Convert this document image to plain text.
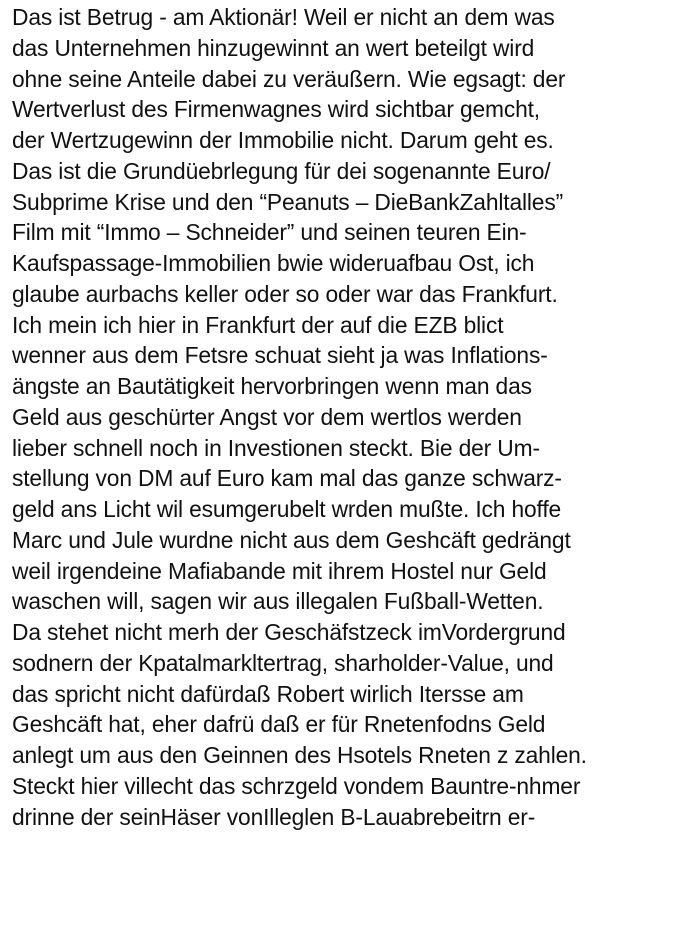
Das ist Betrug - am Aktionär! Weil er nicht an dem was
das Unternehmen hinzugewinnt an wert beteilgt wird
ohne seine Anteile dabei zu veräußern. Wie egsagt: der
Wertverlust des Firmenwagnes wird sichtbar gemcht,
der Wertzugewinn der Immobilie nicht. Darum geht es.
Das ist die Grundüebrlegung für dei sogenannte Euro/
Subprime Krise und den “Peanuts – DieBankZahltalles”
Film mit “Immo – Schneider” und seinen teuren Ein-
Kaufspassage-Immobilien bwie wideruafbau Ost, ich
glaube aurbachs keller oder so oder war das Frankfurt.
Ich mein ich hier in Frankfurt der auf die EZB blict
wenner aus dem Fetsre schuat sieht ja was Inflations-
ängste an Bautätigkeit hervorbringen wenn man das
Geld aus geschürter Angst vor dem wertlos werden
lieber schnell noch in Investionen steckt. Bie der Um-
stellung von DM auf Euro kam mal das ganze schwarz-
geld ans Licht wil esumgerubelt wrden mußte. Ich hoffe
Marc und Jule wurdne nicht aus dem Geshcäft gedrängt
weil irgendeine Mafiabande mit ihrem Hostel nur Geld
waschen will, sagen wir aus illegalen Fußball-Wetten.
Da stehet nicht merh der Geschäfstzeck imVordergrund
sodnern der Kpatalmarkltertrag, sharholder-Value, und
das spricht nicht dafürdaß Robert wirlich Itersse am
Geshcäft hat, eher dafrü daß er für Rnetenfodns Geld
anlegt um aus den Geinnen des Hsotels Rneten z zahlen.
Steckt hier villecht das schrzgeld vondem Bauntre-nhmer
drinne der seinHäser vonIlleglen B-Lauabrebeitrn er-
